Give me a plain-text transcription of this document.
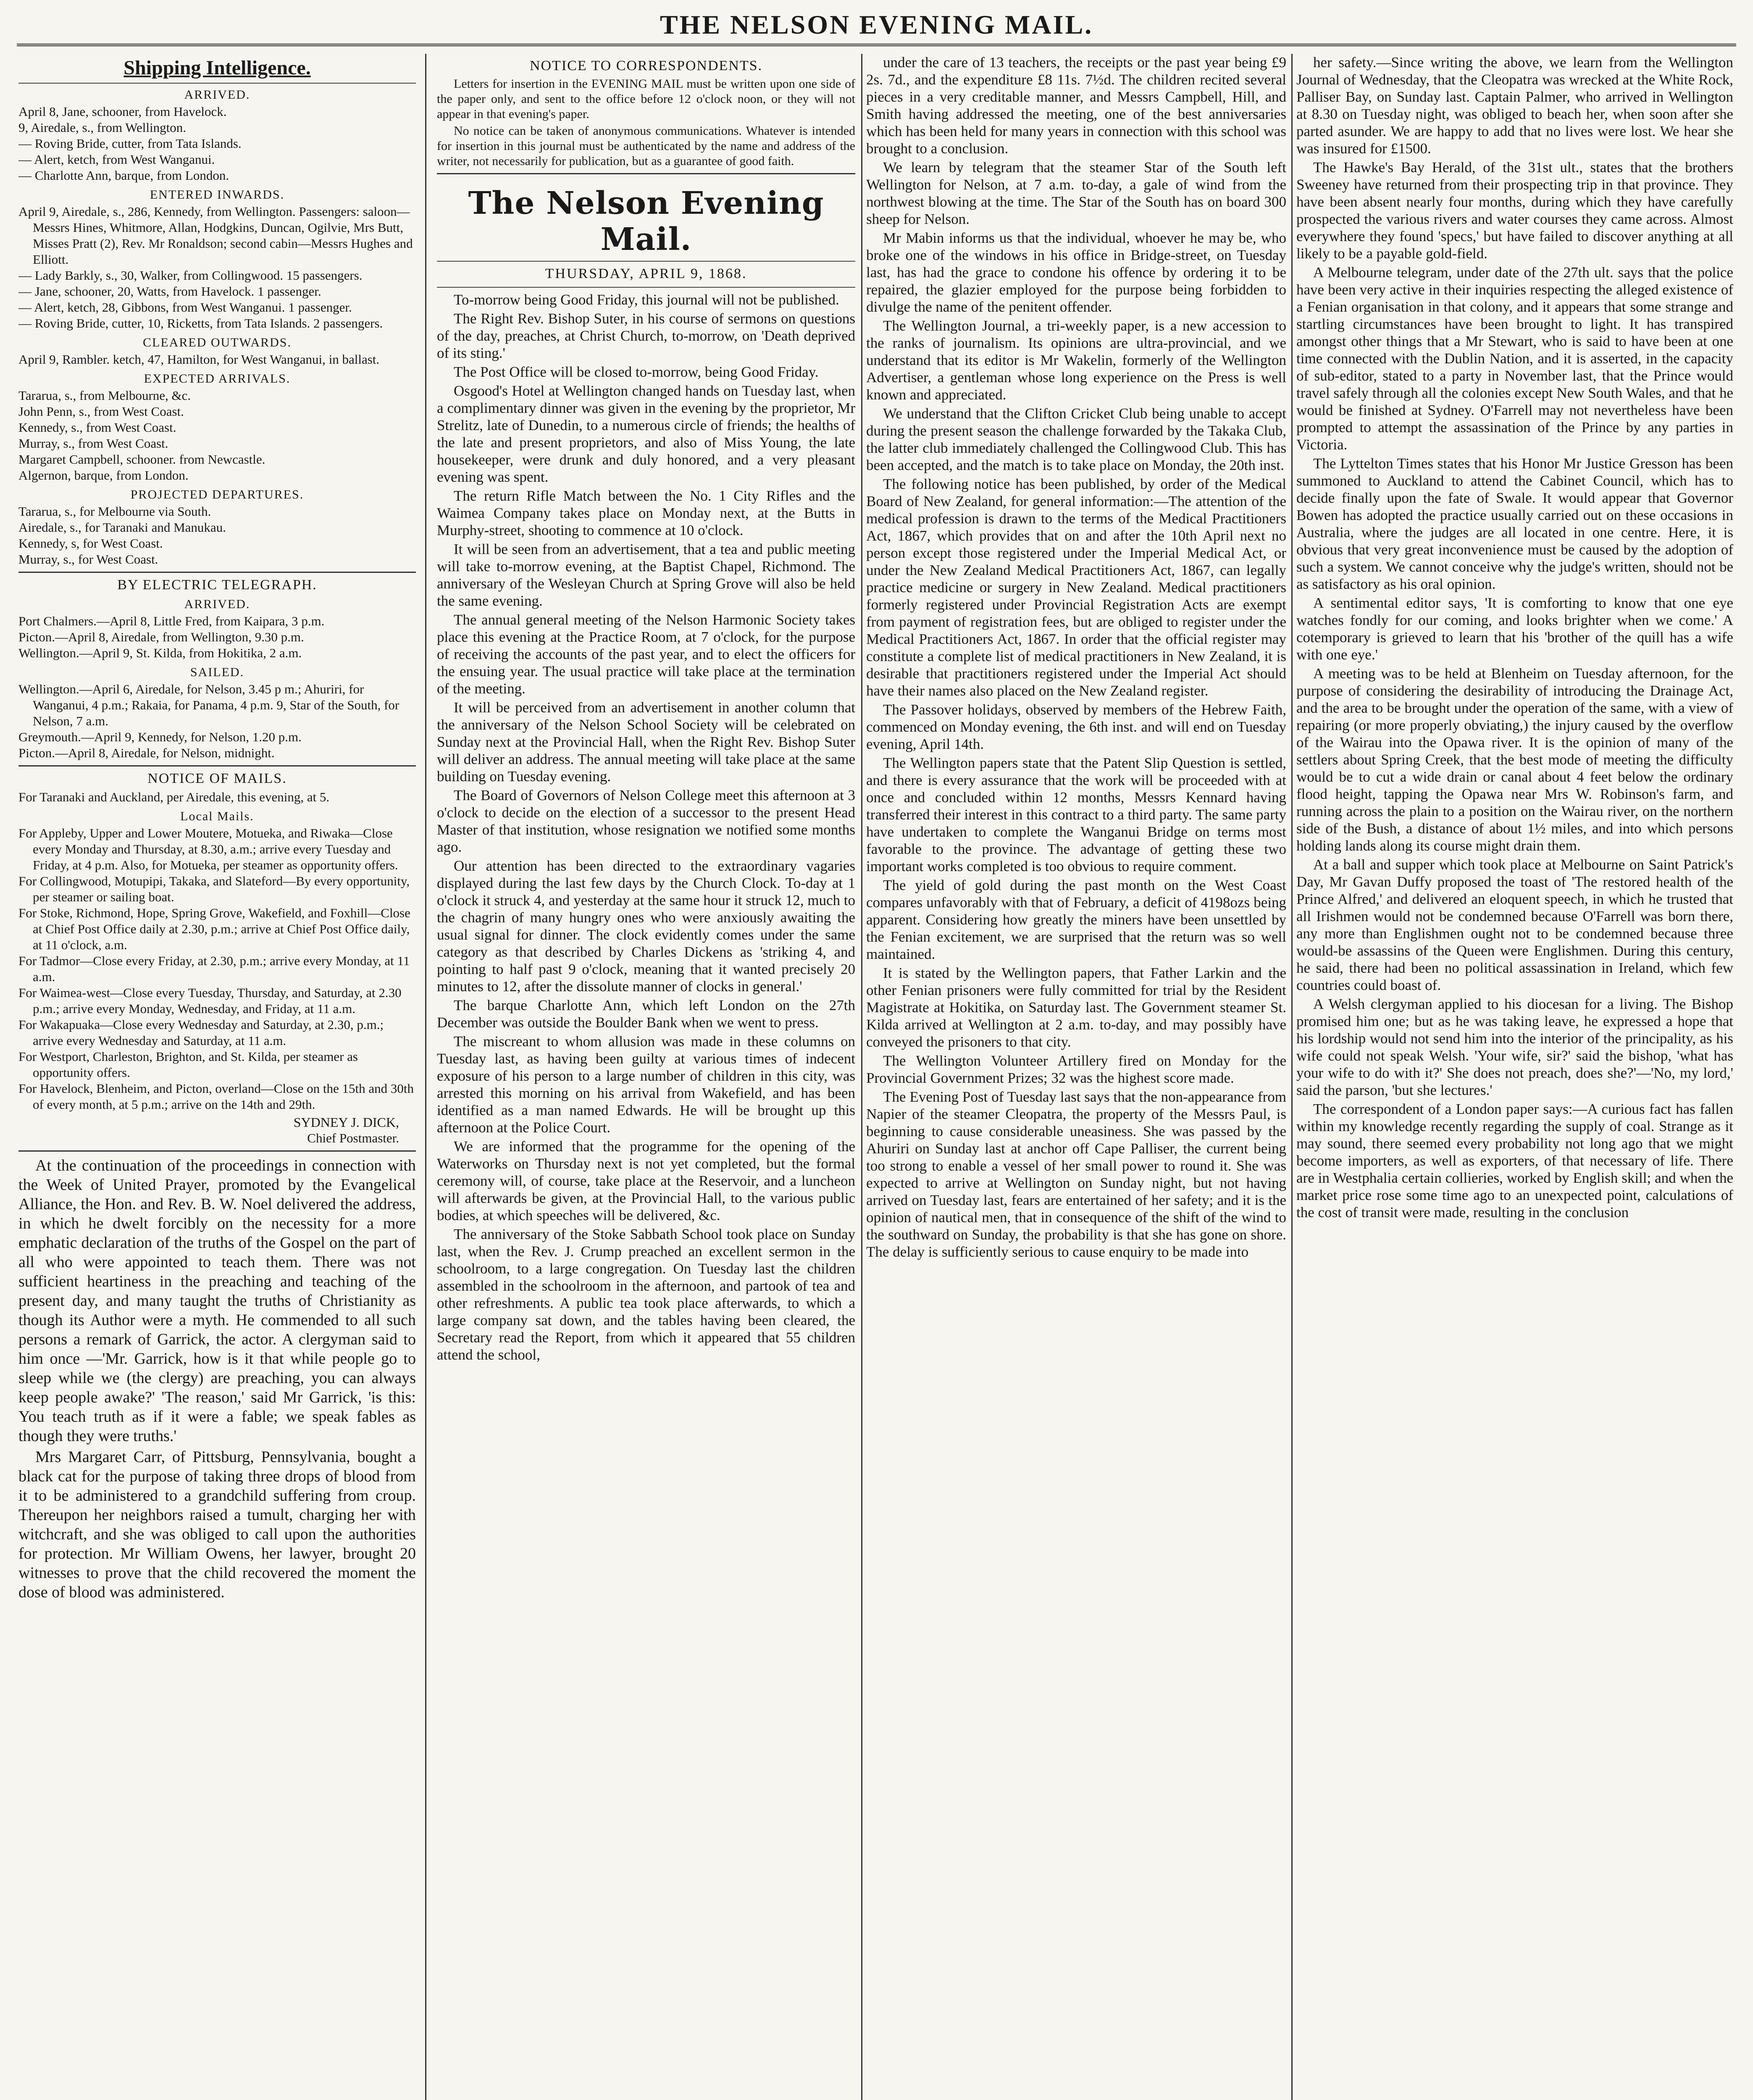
THE NELSON EVENING MAIL.
Shipping Intelligence.
ARRIVED.

April 8, Jane, schooner, from Havelock.

9, Airedale, s., from Wellington.

— Roving Bride, cutter, from Tata Islands.

— Alert, ketch, from West Wanganui.

— Charlotte Ann, barque, from London.

ENTERED INWARDS.

April 9, Airedale, s., 286, Kennedy, from Wellington. Passengers: saloon—Messrs Hines, Whitmore, Allan, Hodgkins, Duncan, Ogilvie, Mrs Butt, Misses Pratt (2), Rev. Mr Ronaldson; second cabin—Messrs Hughes and Elliott.

— Lady Barkly, s., 30, Walker, from Collingwood. 15 passengers.

— Jane, schooner, 20, Watts, from Havelock. 1 passenger.

— Alert, ketch, 28, Gibbons, from West Wanganui. 1 passenger.

— Roving Bride, cutter, 10, Ricketts, from Tata Islands. 2 passengers.

CLEARED OUTWARDS.

April 9, Rambler. ketch, 47, Hamilton, for West Wanganui, in ballast.

EXPECTED ARRIVALS.

Tararua, s., from Melbourne, &c.

John Penn, s., from West Coast.

Kennedy, s., from West Coast.

Murray, s., from West Coast.

Margaret Campbell, schooner. from Newcastle.

Algernon, barque, from London.

PROJECTED DEPARTURES.

Tararua, s., for Melbourne via South.

Airedale, s., for Taranaki and Manukau.

Kennedy, s, for West Coast.

Murray, s., for West Coast.

BY ELECTRIC TELEGRAPH.
ARRIVED.

Port Chalmers.—April 8, Little Fred, from Kaipara, 3 p.m.

Picton.—April 8, Airedale, from Wellington, 9.30 p.m.

Wellington.—April 9, St. Kilda, from Hokitika, 2 a.m.

SAILED.

Wellington.—April 6, Airedale, for Nelson, 3.45 p m.; Ahuriri, for Wanganui, 4 p.m.; Rakaia, for Panama, 4 p.m. 9, Star of the South, for Nelson, 7 a.m.

Greymouth.—April 9, Kennedy, for Nelson, 1.20 p.m.

Picton.—April 8, Airedale, for Nelson, midnight.

NOTICE OF MAILS.

For Taranaki and Auckland, per Airedale, this evening, at 5.

Local Mails.

For Appleby, Upper and Lower Moutere, Motueka, and Riwaka—Close every Monday and Thursday, at 8.30, a.m.; arrive every Tuesday and Friday, at 4 p.m. Also, for Motueka, per steamer as opportunity offers.

For Collingwood, Motupipi, Takaka, and Slateford—By every opportunity, per steamer or sailing boat.

For Stoke, Richmond, Hope, Spring Grove, Wakefield, and Foxhill—Close at Chief Post Office daily at 2.30, p.m.; arrive at Chief Post Office daily, at 11 o'clock, a.m.

For Tadmor—Close every Friday, at 2.30, p.m.; arrive every Monday, at 11 a.m.

For Waimea-west—Close every Tuesday, Thursday, and Saturday, at 2.30 p.m.; arrive every Monday, Wednesday, and Friday, at 11 a.m.

For Wakapuaka—Close every Wednesday and Saturday, at 2.30, p.m.; arrive every Wednesday and Saturday, at 11 a.m.

For Westport, Charleston, Brighton, and St. Kilda, per steamer as opportunity offers.

For Havelock, Blenheim, and Picton, overland—Close on the 15th and 30th of every month, at 5 p.m.; arrive on the 14th and 29th.

SYDNEY J. DICK,
Chief Postmaster.

At the continuation of the proceedings in connection with the Week of United Prayer, promoted by the Evangelical Alliance, the Hon. and Rev. B. W. Noel delivered the address, in which he dwelt forcibly on the necessity for a more emphatic declaration of the truths of the Gospel on the part of all who were appointed to teach them. There was not sufficient heartiness in the preaching and teaching of the present day, and many taught the truths of Christianity as though its Author were a myth. He commended to all such persons a remark of Garrick, the actor. A clergyman said to him once —'Mr. Garrick, how is it that while people go to sleep while we (the clergy) are preaching, you can always keep people awake?' 'The reason,' said Mr Garrick, 'is this: You teach truth as if it were a fable; we speak fables as though they were truths.'

Mrs Margaret Carr, of Pittsburg, Pennsylvania, bought a black cat for the purpose of taking three drops of blood from it to be administered to a grandchild suffering from croup. Thereupon her neighbors raised a tumult, charging her with witchcraft, and she was obliged to call upon the authorities for protection. Mr William Owens, her lawyer, brought 20 witnesses to prove that the child recovered the moment the dose of blood was administered.

NOTICE TO CORRESPONDENTS.

Letters for insertion in the EVENING MAIL must be written upon one side of the paper only, and sent to the office before 12 o'clock noon, or they will not appear in that evening's paper.

No notice can be taken of anonymous communications. Whatever is intended for insertion in this journal must be authenticated by the name and address of the writer, not necessarily for publication, but as a guarantee of good faith.

The Nelson Evening Mail.
THURSDAY, APRIL 9, 1868.

To-morrow being Good Friday, this journal will not be published.

The Right Rev. Bishop Suter, in his course of sermons on questions of the day, preaches, at Christ Church, to-morrow, on 'Death deprived of its sting.'

The Post Office will be closed to-morrow, being Good Friday.

Osgood's Hotel at Wellington changed hands on Tuesday last, when a complimentary dinner was given in the evening by the proprietor, Mr Strelitz, late of Dunedin, to a numerous circle of friends; the healths of the late and present proprietors, and also of Miss Young, the late housekeeper, were drunk and duly honored, and a very pleasant evening was spent.

The return Rifle Match between the No. 1 City Rifles and the Waimea Company takes place on Monday next, at the Butts in Murphy-street, shooting to commence at 10 o'clock.

It will be seen from an advertisement, that a tea and public meeting will take to-morrow evening, at the Baptist Chapel, Richmond. The anniversary of the Wesleyan Church at Spring Grove will also be held the same evening.

The annual general meeting of the Nelson Harmonic Society takes place this evening at the Practice Room, at 7 o'clock, for the purpose of receiving the accounts of the past year, and to elect the officers for the ensuing year. The usual practice will take place at the termination of the meeting.

It will be perceived from an advertisement in another column that the anniversary of the Nelson School Society will be celebrated on Sunday next at the Provincial Hall, when the Right Rev. Bishop Suter will deliver an address. The annual meeting will take place at the same building on Tuesday evening.

The Board of Governors of Nelson College meet this afternoon at 3 o'clock to decide on the election of a successor to the present Head Master of that institution, whose resignation we notified some months ago.

Our attention has been directed to the extraordinary vagaries displayed during the last few days by the Church Clock. To-day at 1 o'clock it struck 4, and yesterday at the same hour it struck 12, much to the chagrin of many hungry ones who were anxiously awaiting the usual signal for dinner. The clock evidently comes under the same category as that described by Charles Dickens as 'striking 4, and pointing to half past 9 o'clock, meaning that it wanted precisely 20 minutes to 12, after the dissolute manner of clocks in general.'

The barque Charlotte Ann, which left London on the 27th December was outside the Boulder Bank when we went to press.

The miscreant to whom allusion was made in these columns on Tuesday last, as having been guilty at various times of indecent exposure of his person to a large number of children in this city, was arrested this morning on his arrival from Wakefield, and has been identified as a man named Edwards. He will be brought up this afternoon at the Police Court.

We are informed that the programme for the opening of the Waterworks on Thursday next is not yet completed, but the formal ceremony will, of course, take place at the Reservoir, and a luncheon will afterwards be given, at the Provincial Hall, to the various public bodies, at which speeches will be delivered, &c.

The anniversary of the Stoke Sabbath School took place on Sunday last, when the Rev. J. Crump preached an excellent sermon in the schoolroom, to a large congregation. On Tuesday last the children assembled in the schoolroom in the afternoon, and partook of tea and other refreshments. A public tea took place afterwards, to which a large company sat down, and the tables having been cleared, the Secretary read the Report, from which it appeared that 55 children attend the school,

under the care of 13 teachers, the receipts or the past year being £9 2s. 7d., and the expenditure £8 11s. 7½d. The children recited several pieces in a very creditable manner, and Messrs Campbell, Hill, and Smith having addressed the meeting, one of the best anniversaries which has been held for many years in connection with this school was brought to a conclusion.

We learn by telegram that the steamer Star of the South left Wellington for Nelson, at 7 a.m. to-day, a gale of wind from the northwest blowing at the time. The Star of the South has on board 300 sheep for Nelson.

Mr Mabin informs us that the individual, whoever he may be, who broke one of the windows in his office in Bridge-street, on Tuesday last, has had the grace to condone his offence by ordering it to be repaired, the glazier employed for the purpose being forbidden to divulge the name of the penitent offender.

The Wellington Journal, a tri-weekly paper, is a new accession to the ranks of journalism. Its opinions are ultra-provincial, and we understand that its editor is Mr Wakelin, formerly of the Wellington Advertiser, a gentleman whose long experience on the Press is well known and appreciated.

We understand that the Clifton Cricket Club being unable to accept during the present season the challenge forwarded by the Takaka Club, the latter club immediately challenged the Collingwood Club. This has been accepted, and the match is to take place on Monday, the 20th inst.

The following notice has been published, by order of the Medical Board of New Zealand, for general information:—The attention of the medical profession is drawn to the terms of the Medical Practitioners Act, 1867, which provides that on and after the 10th April next no person except those registered under the Imperial Medical Act, or under the New Zealand Medical Practitioners Act, 1867, can legally practice medicine or surgery in New Zealand. Medical practitioners formerly registered under Provincial Registration Acts are exempt from payment of registration fees, but are obliged to register under the Medical Practitioners Act, 1867. In order that the official register may constitute a complete list of medical practitioners in New Zealand, it is desirable that practitioners registered under the Imperial Act should have their names also placed on the New Zealand register.

The Passover holidays, observed by members of the Hebrew Faith, commenced on Monday evening, the 6th inst. and will end on Tuesday evening, April 14th.

The Wellington papers state that the Patent Slip Question is settled, and there is every assurance that the work will be proceeded with at once and concluded within 12 months, Messrs Kennard having transferred their interest in this contract to a third party. The same party have undertaken to complete the Wanganui Bridge on terms most favorable to the province. The advantage of getting these two important works completed is too obvious to require comment.

The yield of gold during the past month on the West Coast compares unfavorably with that of February, a deficit of 4198ozs being apparent. Considering how greatly the miners have been unsettled by the Fenian excitement, we are surprised that the return was so well maintained.

It is stated by the Wellington papers, that Father Larkin and the other Fenian prisoners were fully committed for trial by the Resident Magistrate at Hokitika, on Saturday last. The Government steamer St. Kilda arrived at Wellington at 2 a.m. to-day, and may possibly have conveyed the prisoners to that city.

The Wellington Volunteer Artillery fired on Monday for the Provincial Government Prizes; 32 was the highest score made.

The Evening Post of Tuesday last says that the non-appearance from Napier of the steamer Cleopatra, the property of the Messrs Paul, is beginning to cause considerable uneasiness. She was passed by the Ahuriri on Sunday last at anchor off Cape Palliser, the current being too strong to enable a vessel of her small power to round it. She was expected to arrive at Wellington on Sunday night, but not having arrived on Tuesday last, fears are entertained of her safety; and it is the opinion of nautical men, that in consequence of the shift of the wind to the southward on Sunday, the probability is that she has gone on shore. The delay is sufficiently serious to cause enquiry to be made into

her safety.—Since writing the above, we learn from the Wellington Journal of Wednesday, that the Cleopatra was wrecked at the White Rock, Palliser Bay, on Sunday last. Captain Palmer, who arrived in Wellington at 8.30 on Tuesday night, was obliged to beach her, when soon after she parted asunder. We are happy to add that no lives were lost. We hear she was insured for £1500.

The Hawke's Bay Herald, of the 31st ult., states that the brothers Sweeney have returned from their prospecting trip in that province. They have been absent nearly four months, during which they have carefully prospected the various rivers and water courses they came across. Almost everywhere they found 'specs,' but have failed to discover anything at all likely to be a payable gold-field.

A Melbourne telegram, under date of the 27th ult. says that the police have been very active in their inquiries respecting the alleged existence of a Fenian organisation in that colony, and it appears that some strange and startling circumstances have been brought to light. It has transpired amongst other things that a Mr Stewart, who is said to have been at one time connected with the Dublin Nation, and it is asserted, in the capacity of sub-editor, stated to a party in November last, that the Prince would travel safely through all the colonies except New South Wales, and that he would be finished at Sydney. O'Farrell may not nevertheless have been prompted to attempt the assassination of the Prince by any parties in Victoria.

The Lyttelton Times states that his Honor Mr Justice Gresson has been summoned to Auckland to attend the Cabinet Council, which has to decide finally upon the fate of Swale. It would appear that Governor Bowen has adopted the practice usually carried out on these occasions in Australia, where the judges are all located in one centre. Here, it is obvious that very great inconvenience must be caused by the adoption of such a system. We cannot conceive why the judge's written, should not be as satisfactory as his oral opinion.

A sentimental editor says, 'It is comforting to know that one eye watches fondly for our coming, and looks brighter when we come.' A cotemporary is grieved to learn that his 'brother of the quill has a wife with one eye.'

A meeting was to be held at Blenheim on Tuesday afternoon, for the purpose of considering the desirability of introducing the Drainage Act, and the area to be brought under the operation of the same, with a view of repairing (or more properly obviating,) the injury caused by the overflow of the Wairau into the Opawa river. It is the opinion of many of the settlers about Spring Creek, that the best mode of meeting the difficulty would be to cut a wide drain or canal about 4 feet below the ordinary flood height, tapping the Opawa near Mrs W. Robinson's farm, and running across the plain to a position on the Wairau river, on the northern side of the Bush, a distance of about 1½ miles, and into which persons holding lands along its course might drain them.

At a ball and supper which took place at Melbourne on Saint Patrick's Day, Mr Gavan Duffy proposed the toast of 'The restored health of the Prince Alfred,' and delivered an eloquent speech, in which he trusted that all Irishmen would not be condemned because O'Farrell was born there, any more than Englishmen ought not to be condemned because three would-be assassins of the Queen were Englishmen. During this century, he said, there had been no political assassination in Ireland, which few countries could boast of.

A Welsh clergyman applied to his diocesan for a living. The Bishop promised him one; but as he was taking leave, he expressed a hope that his lordship would not send him into the interior of the principality, as his wife could not speak Welsh. 'Your wife, sir?' said the bishop, 'what has your wife to do with it?' She does not preach, does she?'—'No, my lord,' said the parson, 'but she lectures.'

The correspondent of a London paper says:—A curious fact has fallen within my knowledge recently regarding the supply of coal. Strange as it may sound, there seemed every probability not long ago that we might become importers, as well as exporters, of that necessary of life. There are in Westphalia certain collieries, worked by English skill; and when the market price rose some time ago to an unexpected point, calculations of the cost of transit were made, resulting in the conclusion
